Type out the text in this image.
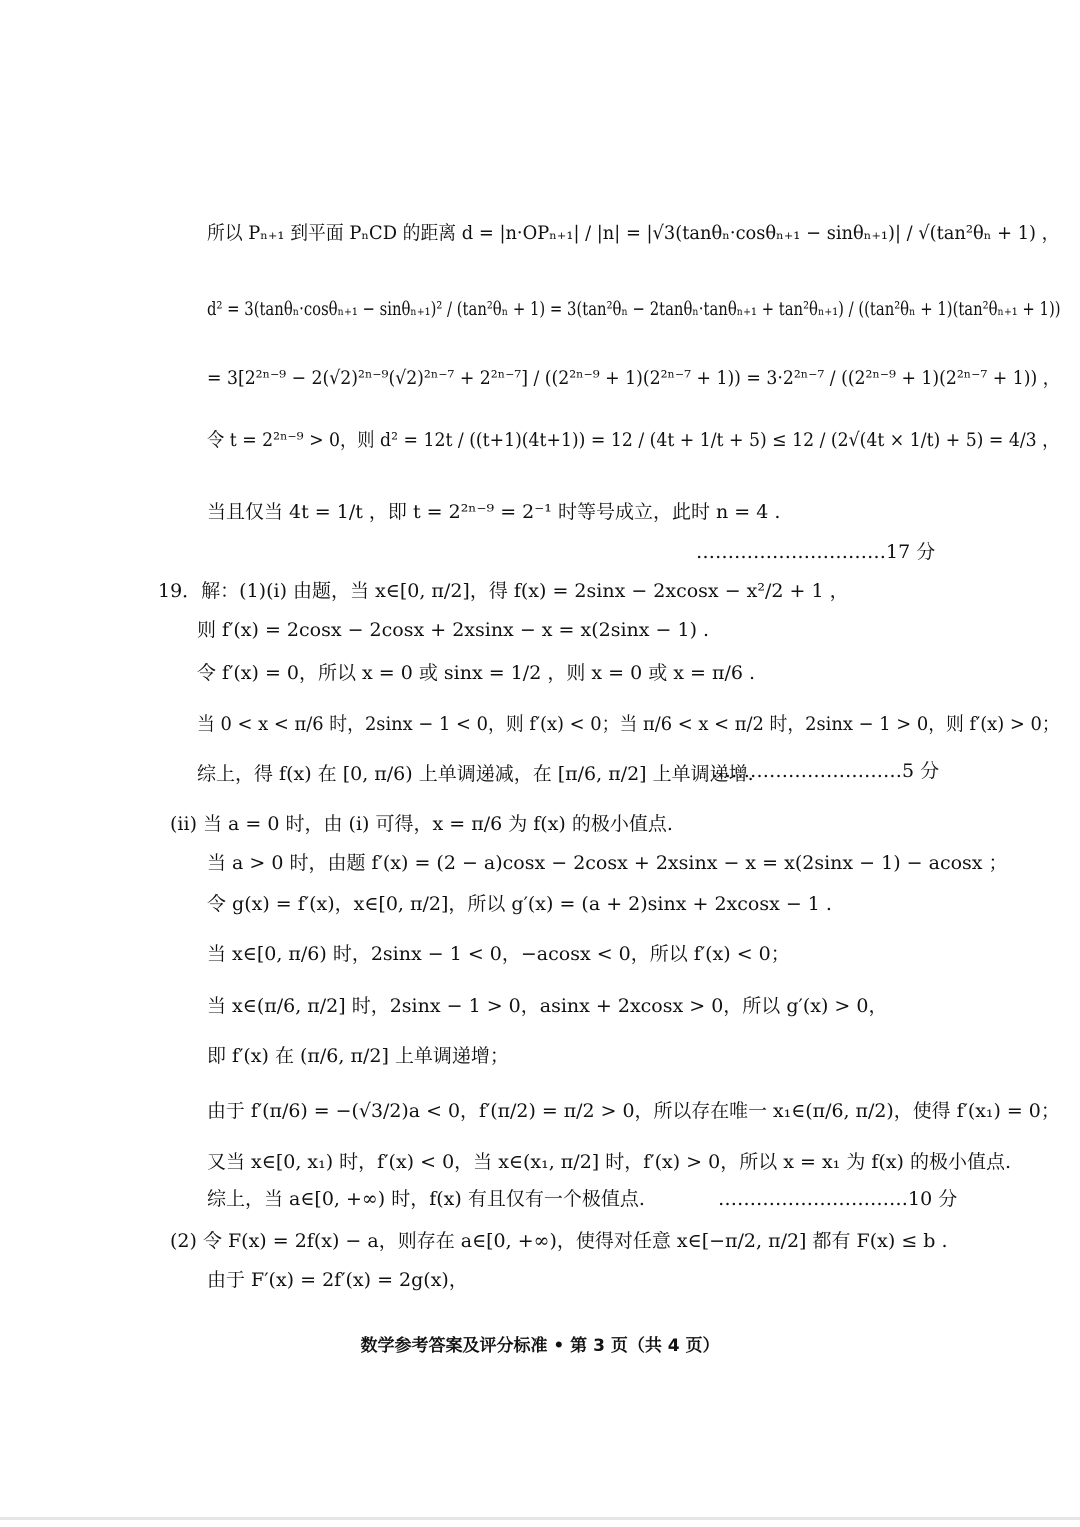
所以 Pₙ₊₁ 到平面 PₙCD 的距离 d = |n·OPₙ₊₁| / |n| = |√3(tanθₙ·cosθₙ₊₁ − sinθₙ₊₁)| / √(tan²θₙ + 1) ，
d² = 3(tanθₙ·cosθₙ₊₁ − sinθₙ₊₁)² / (tan²θₙ + 1) = 3(tan²θₙ − 2tanθₙ·tanθₙ₊₁ + tan²θₙ₊₁) / ((tan²θₙ + 1)(tan²θₙ₊₁ + 1))
= 3[2²ⁿ⁻⁹ − 2(√2)²ⁿ⁻⁹(√2)²ⁿ⁻⁷ + 2²ⁿ⁻⁷] / ((2²ⁿ⁻⁹ + 1)(2²ⁿ⁻⁷ + 1)) = 3·2²ⁿ⁻⁷ / ((2²ⁿ⁻⁹ + 1)(2²ⁿ⁻⁷ + 1)) ，
令 t = 2²ⁿ⁻⁹ > 0，则 d² = 12t / ((t+1)(4t+1)) = 12 / (4t + 1/t + 5) ≤ 12 / (2√(4t × 1/t) + 5) = 4/3 ，
当且仅当 4t = 1/t ，即 t = 2²ⁿ⁻⁹ = 2⁻¹ 时等号成立，此时 n = 4 .
…………………………17 分
19．解：(1)(i) 由题，当 x∈[0, π/2]，得 f(x) = 2sinx − 2xcosx − x²/2 + 1 ，
则 f′(x) = 2cosx − 2cosx + 2xsinx − x = x(2sinx − 1) .
令 f′(x) = 0，所以 x = 0 或 sinx = 1/2 ，则 x = 0 或 x = π/6 .
当 0 < x < π/6 时，2sinx − 1 < 0，则 f′(x) < 0；当 π/6 < x < π/2 时，2sinx − 1 > 0，则 f′(x) > 0；
综上，得 f(x) 在 [0, π/6) 上单调递减，在 [π/6, π/2] 上单调递增.
…………………………5 分
(ii) 当 a = 0 时，由 (i) 可得，x = π/6 为 f(x) 的极小值点.
当 a > 0 时，由题 f′(x) = (2 − a)cosx − 2cosx + 2xsinx − x = x(2sinx − 1) − acosx ；
令 g(x) = f′(x)，x∈[0, π/2]，所以 g′(x) = (a + 2)sinx + 2xcosx − 1 .
当 x∈[0, π/6) 时，2sinx − 1 < 0，−acosx < 0，所以 f′(x) < 0；
当 x∈(π/6, π/2] 时，2sinx − 1 > 0，asinx + 2xcosx > 0，所以 g′(x) > 0，
即 f′(x) 在 (π/6, π/2] 上单调递增；
由于 f′(π/6) = −(√3/2)a < 0，f′(π/2) = π/2 > 0，所以存在唯一 x₁∈(π/6, π/2)，使得 f′(x₁) = 0；
又当 x∈[0, x₁) 时，f′(x) < 0，当 x∈(x₁, π/2] 时，f′(x) > 0，所以 x = x₁ 为 f(x) 的极小值点.
综上，当 a∈[0, +∞) 时，f(x) 有且仅有一个极值点.	…………………………10 分
(2) 令 F(x) = 2f(x) − a，则存在 a∈[0, +∞)，使得对任意 x∈[−π/2, π/2] 都有 F(x) ≤ b .
由于 F′(x) = 2f′(x) = 2g(x)，
数学参考答案及评分标准 • 第 3 页（共 4 页）
